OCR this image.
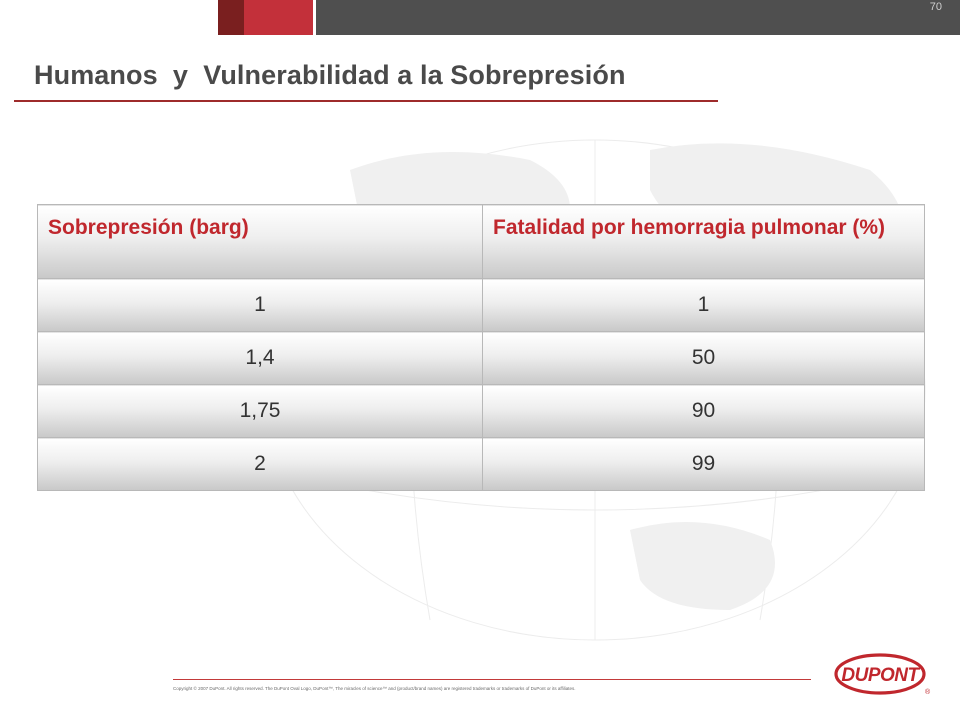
70
Humanos  y  Vulnerabilidad a la Sobrepresión
Sobrepresión (barg)	Fatalidad por hemorragia pulmonar (%)
1	1
1,4	50
1,75	90
2	99
Copyright © 2007 DuPont. All rights reserved. The DuPont Oval Logo, DuPont™, The miracles of science™ and (product/brand names) are registered trademarks or trademarks of DuPont or its affiliates.
DUPONT
®
